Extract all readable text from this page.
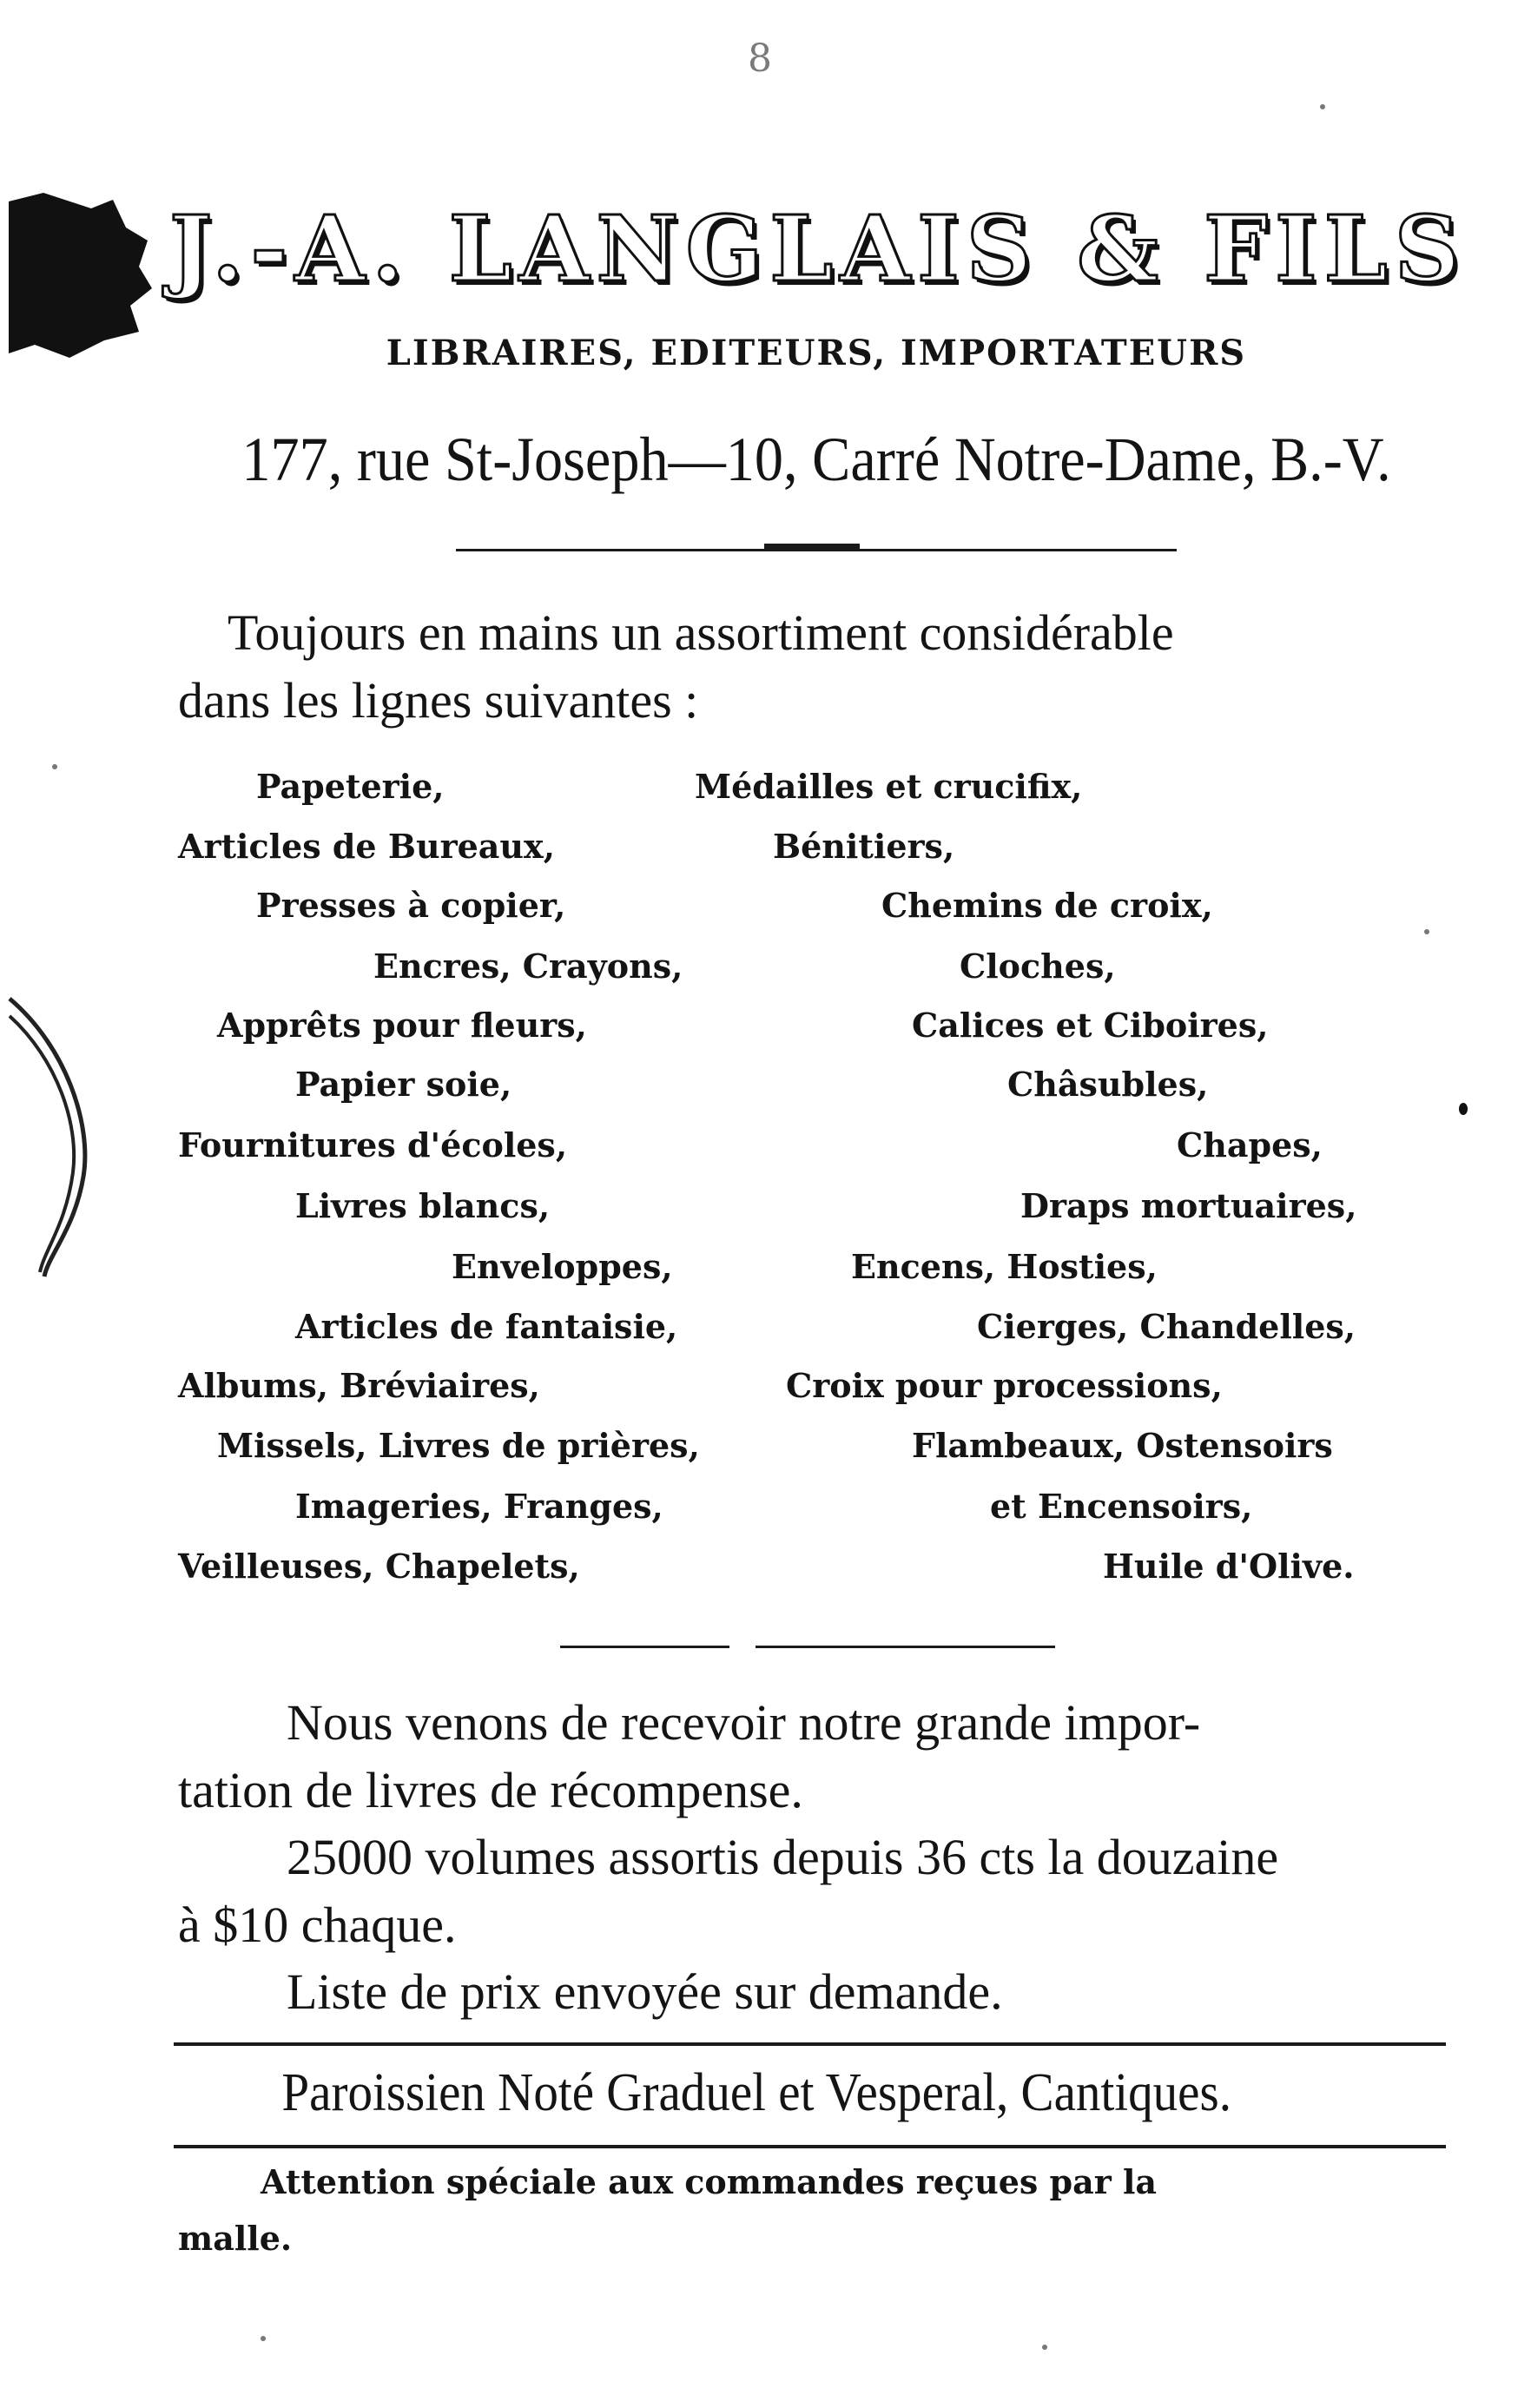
8
J.-A. LANGLAIS & FILS
LIBRAIRES, EDITEURS, IMPORTATEURS
177, rue St-Joseph—10, Carré Notre-Dame, B.-V.
Toujours en mains un assortiment considérable
dans les lignes suivantes :
Papeterie,
Articles de Bureaux,
Presses à copier,
Encres, Crayons,
Apprêts pour fleurs,
Papier soie,
Fournitures d'écoles,
Livres blancs,
Enveloppes,
Articles de fantaisie,
Albums, Bréviaires,
Missels, Livres de prières,
Imageries, Franges,
Veilleuses, Chapelets,
Médailles et crucifix,
Bénitiers,
Chemins de croix,
Cloches,
Calices et Ciboires,
Châsubles,
Chapes,
Draps mortuaires,
Encens, Hosties,
Cierges, Chandelles,
Croix pour processions,
Flambeaux, Ostensoirs
et Encensoirs,
Huile d'Olive.
Nous venons de recevoir notre grande impor-
tation de livres de récompense.
25000 volumes assortis depuis 36 cts la douzaine
à $10 chaque.
Liste de prix envoyée sur demande.
Paroissien Noté Graduel et Vesperal, Cantiques.
Attention spéciale aux commandes reçues par la
malle.
